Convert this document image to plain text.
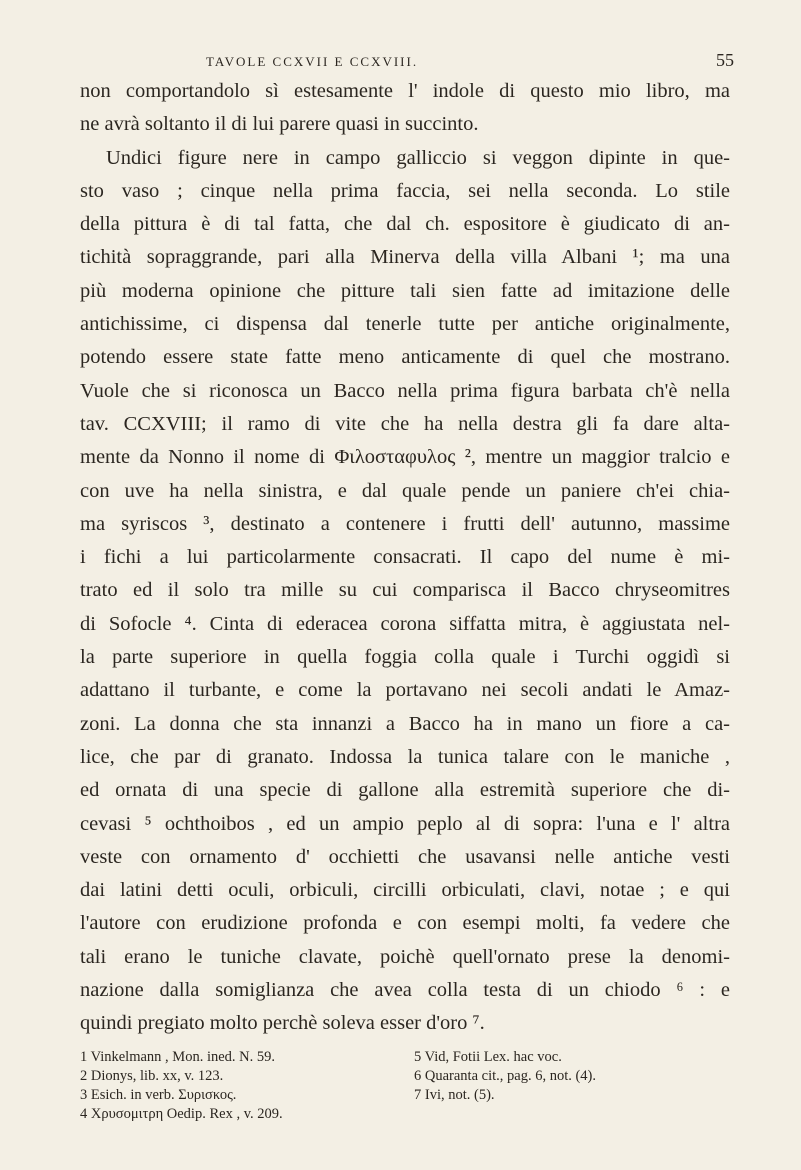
TAVOLE CCXVII E CCXVIII.	55
non comportandolo sì estesamente l' indole di questo mio libro, ma
ne avrà soltanto il di lui parere quasi in succinto.
Undici figure nere in campo galliccio si veggon dipinte in que-
sto vaso ; cinque nella prima faccia, sei nella seconda. Lo stile
della pittura è di tal fatta, che dal ch. espositore è giudicato di an-
tichità sopraggrande, pari alla Minerva della villa Albani ¹; ma una
più moderna opinione che pitture tali sien fatte ad imitazione delle
antichissime, ci dispensa dal tenerle tutte per antiche originalmente,
potendo essere state fatte meno anticamente di quel che mostrano.
Vuole che si riconosca un Bacco nella prima figura barbata ch'è nella
tav. CCXVIII; il ramo di vite che ha nella destra gli fa dare alta-
mente da Nonno il nome di Φιλοσταφυλος ², mentre un maggior tralcio e
con uve ha nella sinistra, e dal quale pende un paniere ch'ei chia-
ma syriscos ³, destinato a contenere i frutti dell' autunno, massime
i fichi a lui particolarmente consacrati. Il capo del nume è mi-
trato ed il solo tra mille su cui comparisca il Bacco chryseomitres
di Sofocle ⁴. Cinta di ederacea corona siffatta mitra, è aggiustata nel-
la parte superiore in quella foggia colla quale i Turchi oggidì si
adattano il turbante, e come la portavano nei secoli andati le Amaz-
zoni. La donna che sta innanzi a Bacco ha in mano un fiore a ca-
lice, che par di granato. Indossa la tunica talare con le maniche ,
ed ornata di una specie di gallone alla estremità superiore che di-
cevasi ⁵ ochthoibos , ed un ampio peplo al di sopra: l'una e l' altra
veste con ornamento d' occhietti che usavansi nelle antiche vesti
dai latini detti oculi, orbiculi, circilli orbiculati, clavi, notae ; e qui
l'autore con erudizione profonda e con esempi molti, fa vedere che
tali erano le tuniche clavate, poichè quell'ornato prese la denomi-
nazione dalla somiglianza che avea colla testa di un chiodo ⁶ : e
quindi pregiato molto perchè soleva esser d'oro ⁷.
1 Vinkelmann , Mon. ined. N. 59.
2 Dionys, lib. xx, v. 123.
3 Esich. in verb. Συρισκος.
4 Χρυσομιτρη Oedip. Rex , v. 209.
5 Vid, Fotii Lex. hac voc.
6 Quaranta cit., pag. 6, not. (4).
7 Ivi, not. (5).
